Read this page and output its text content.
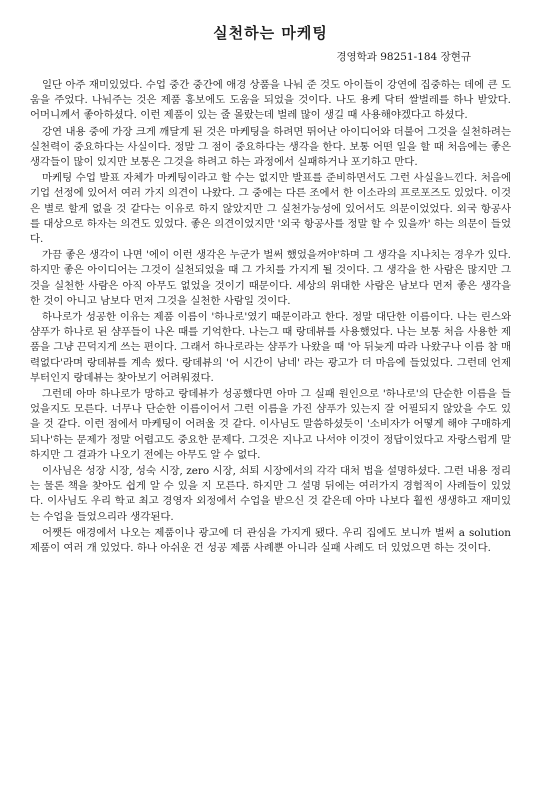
실천하는 마케팅
경영학과 98251-184 장현규

일단 아주 재미있었다. 수업 중간 중간에 애경 상품을 나눠 준 것도 아이들이 강연에 집중하는 데에 큰 도움을 주었다. 나눠주는 것은 제품 홍보에도 도움을 되었을 것이다. 나도 용케 닥터 쌀벌레를 하나 받았다. 어머니께서 좋아하셨다. 이런 제품이 있는 줄 몰랐는데 벌레 많이 생길 때 사용해야겠다고 하셨다.

강연 내용 중에 가장 크게 깨달게 된 것은 마케팅을 하려면 뛰어난 아이디어와 더불어 그것을 실천하려는 실천력이 중요하다는 사실이다. 정말 그 점이 중요하다는 생각을 한다. 보통 어떤 일을 할 때 처음에는 좋은 생각들이 많이 있지만 보통은 그것을 하려고 하는 과정에서 실패하거나 포기하고 만다.

마케팅 수업 발표 자체가 마케팅이라고 할 수는 없지만 발표를 준비하면서도 그런 사실을느낀다. 처음에 기업 선정에 있어서 여러 가지 의견이 나왔다. 그 중에는 다른 조에서 한 이소라의 프로포즈도 있었다. 이것은 별로 할게 없을 것 같다는 이유로 하지 않았지만 그 실천가능성에 있어서도 의문이었었다. 외국 항공사를 대상으로 하자는 의견도 있었다. 좋은 의견이었지만 '외국 항공사를 정말 할 수 있을까' 하는 의문이 들었다.

가끔 좋은 생각이 나면 '에이 이런 생각은 누군가 벌써 했었을꺼야'하며 그 생각을 지나치는 경우가 있다. 하지만 좋은 아이디어는 그것이 실천되었을 때 그 가치를 가지게 될 것이다. 그 생각을 한 사람은 많지만 그것을 실천한 사람은 아직 아무도 없었을 것이기 때문이다. 세상의 위대한 사람은 남보다 먼저 좋은 생각을 한 것이 아니고 남보다 먼저 그것을 실천한 사람일 것이다.

하나로가 성공한 이유는 제품 이름이 '하나로'였기 때문이라고 한다. 정말 대단한 이름이다. 나는 린스와 샴푸가 하나로 된 샴푸들이 나온 때를 기억한다. 나는그 때 랑데뷰를 사용했었다. 나는 보통 처음 사용한 제품을 그냥 끈덕지게 쓰는 편이다. 그래서 하나로라는 샴푸가 나왔을 때 '아 뒤늦게 따라 나왔구나 이름 참 매력없다'라며 랑데뷰를 계속 썼다. 랑데뷰의 '어 시간이 남네' 라는 광고가 더 마음에 들었었다. 그런데 언제부터인지 랑데뷰는 찾아보기 어려워졌다.

그런데 아마 하나로가 망하고 랑데뷰가 성공했다면 아마 그 실패 원인으로 '하나로'의 단순한 이름을 들었을지도 모른다. 너무나 단순한 이름이어서 그런 이름을 가진 샴푸가 있는지 잘 어필되지 않았을 수도 있을 것 같다. 이런 점에서 마케팅이 어려울 것 같다. 이사님도 말씀하셨듯이 '소비자가 어떻게 해야 구매하게 되나'하는 문제가 정말 어렵고도 중요한 문제다. 그것은 지나고 나서야 이것이 정답이었다고 자랑스럽게 말하지만 그 결과가 나오기 전에는 아무도 알 수 없다.

이사님은 성장 시장, 성숙 시장, zero 시장, 쇠퇴 시장에서의 각각 대처 법을 설명하셨다. 그런 내용 정리는 물론 책을 찾아도 쉽게 알 수 있을 지 모른다. 하지만 그 설명 뒤에는 여러가지 경험적이 사례들이 있었다. 이사님도 우리 학교 최고 경영자 외정에서 수업을 받으신 것 같은데 아마 나보다 훨씬 생생하고 재미있는 수업을 들었으리라 생각된다.

어쨋든 애경에서 나오는 제품이나 광고에 더 관심을 가지게 됐다. 우리 집에도 보니까 벌써 a solution 제품이 여러 개 있었다. 하나 아쉬운 건 성공 제품 사례뿐 아니라 실패 사례도 더 있었으면 하는 것이다.
